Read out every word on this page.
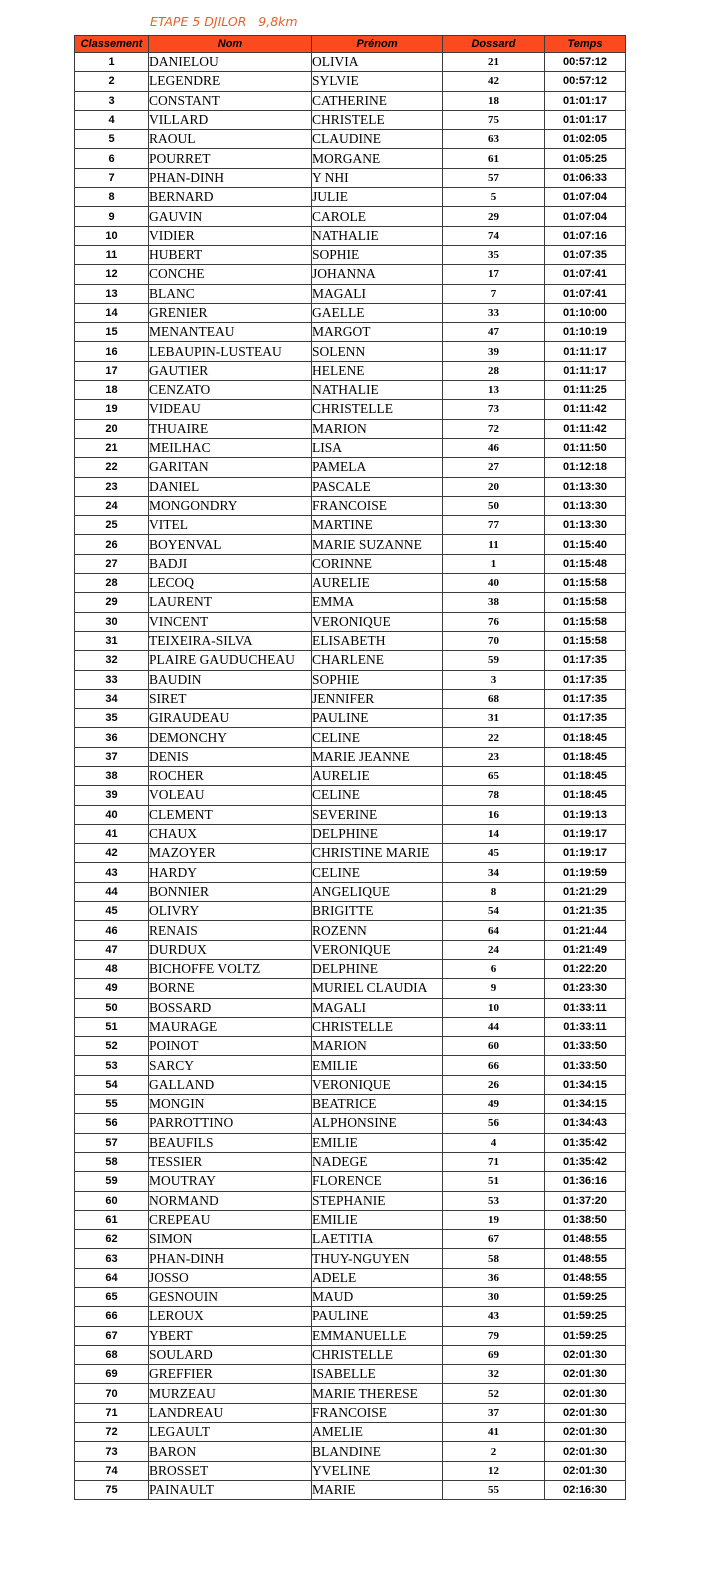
ETAPE 5 DJILOR   9,8km
Classement	Nom	Prénom	Dossard	Temps
1	DANIELOU	OLIVIA	21	00:57:12
2	LEGENDRE	SYLVIE	42	00:57:12
3	CONSTANT	CATHERINE	18	01:01:17
4	VILLARD	CHRISTELE	75	01:01:17
5	RAOUL	CLAUDINE	63	01:02:05
6	POURRET	MORGANE	61	01:05:25
7	PHAN-DINH	Y NHI	57	01:06:33
8	BERNARD	JULIE	5	01:07:04
9	GAUVIN	CAROLE	29	01:07:04
10	VIDIER	NATHALIE	74	01:07:16
11	HUBERT	SOPHIE	35	01:07:35
12	CONCHE	JOHANNA	17	01:07:41
13	BLANC	MAGALI	7	01:07:41
14	GRENIER	GAELLE	33	01:10:00
15	MENANTEAU	MARGOT	47	01:10:19
16	LEBAUPIN-LUSTEAU	SOLENN	39	01:11:17
17	GAUTIER	HELENE	28	01:11:17
18	CENZATO	NATHALIE	13	01:11:25
19	VIDEAU	CHRISTELLE	73	01:11:42
20	THUAIRE	MARION	72	01:11:42
21	MEILHAC	LISA	46	01:11:50
22	GARITAN	PAMELA	27	01:12:18
23	DANIEL	PASCALE	20	01:13:30
24	MONGONDRY	FRANCOISE	50	01:13:30
25	VITEL	MARTINE	77	01:13:30
26	BOYENVAL	MARIE SUZANNE	11	01:15:40
27	BADJI	CORINNE	1	01:15:48
28	LECOQ	AURELIE	40	01:15:58
29	LAURENT	EMMA	38	01:15:58
30	VINCENT	VERONIQUE	76	01:15:58
31	TEIXEIRA-SILVA	ELISABETH	70	01:15:58
32	PLAIRE GAUDUCHEAU	CHARLENE	59	01:17:35
33	BAUDIN	SOPHIE	3	01:17:35
34	SIRET	JENNIFER	68	01:17:35
35	GIRAUDEAU	PAULINE	31	01:17:35
36	DEMONCHY	CELINE	22	01:18:45
37	DENIS	MARIE JEANNE	23	01:18:45
38	ROCHER	AURELIE	65	01:18:45
39	VOLEAU	CELINE	78	01:18:45
40	CLEMENT	SEVERINE	16	01:19:13
41	CHAUX	DELPHINE	14	01:19:17
42	MAZOYER	CHRISTINE MARIE	45	01:19:17
43	HARDY	CELINE	34	01:19:59
44	BONNIER	ANGELIQUE	8	01:21:29
45	OLIVRY	BRIGITTE	54	01:21:35
46	RENAIS	ROZENN	64	01:21:44
47	DURDUX	VERONIQUE	24	01:21:49
48	BICHOFFE VOLTZ	DELPHINE	6	01:22:20
49	BORNE	MURIEL CLAUDIA	9	01:23:30
50	BOSSARD	MAGALI	10	01:33:11
51	MAURAGE	CHRISTELLE	44	01:33:11
52	POINOT	MARION	60	01:33:50
53	SARCY	EMILIE	66	01:33:50
54	GALLAND	VERONIQUE	26	01:34:15
55	MONGIN	BEATRICE	49	01:34:15
56	PARROTTINO	ALPHONSINE	56	01:34:43
57	BEAUFILS	EMILIE	4	01:35:42
58	TESSIER	NADEGE	71	01:35:42
59	MOUTRAY	FLORENCE	51	01:36:16
60	NORMAND	STEPHANIE	53	01:37:20
61	CREPEAU	EMILIE	19	01:38:50
62	SIMON	LAETITIA	67	01:48:55
63	PHAN-DINH	THUY-NGUYEN	58	01:48:55
64	JOSSO	ADELE	36	01:48:55
65	GESNOUIN	MAUD	30	01:59:25
66	LEROUX	PAULINE	43	01:59:25
67	YBERT	EMMANUELLE	79	01:59:25
68	SOULARD	CHRISTELLE	69	02:01:30
69	GREFFIER	ISABELLE	32	02:01:30
70	MURZEAU	MARIE THERESE	52	02:01:30
71	LANDREAU	FRANCOISE	37	02:01:30
72	LEGAULT	AMELIE	41	02:01:30
73	BARON	BLANDINE	2	02:01:30
74	BROSSET	YVELINE	12	02:01:30
75	PAINAULT	MARIE	55	02:16:30
